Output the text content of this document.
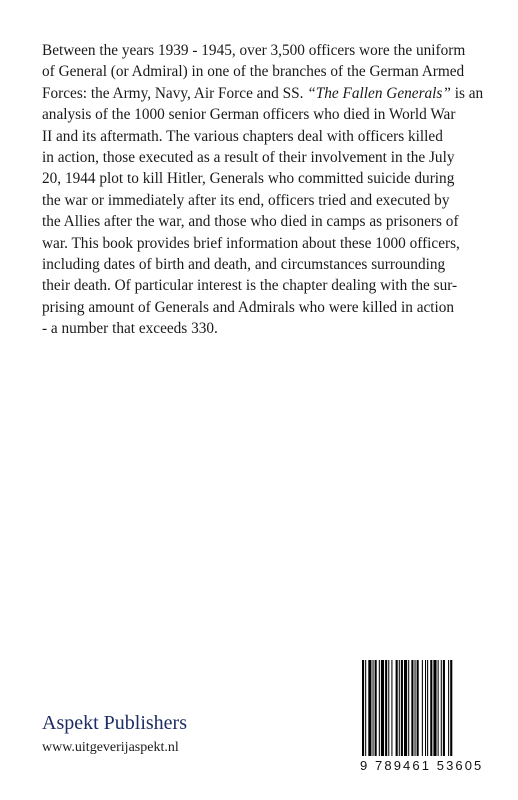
Between the years 1939 - 1945, over 3,500 officers wore the uniform
of General (or Admiral) in one of the branches of the German Armed
Forces: the Army, Navy, Air Force and SS. “The Fallen Generals” is an
analysis of the 1000 senior German officers who died in World War
II and its aftermath. The various chapters deal with officers killed
in action, those executed as a result of their involvement in the July
20, 1944 plot to kill Hitler, Generals who committed suicide during
the war or immediately after its end, officers tried and executed by
the Allies after the war, and those who died in camps as prisoners of
war. This book provides brief information about these 1000 officers,
including dates of birth and death, and circumstances surrounding
their death. Of particular interest is the chapter dealing with the sur-
prising amount of Generals and Admirals who were killed in action
- a number that exceeds 330.
Aspekt Publishers
www.uitgeverijaspekt.nl
9 789461 53605
